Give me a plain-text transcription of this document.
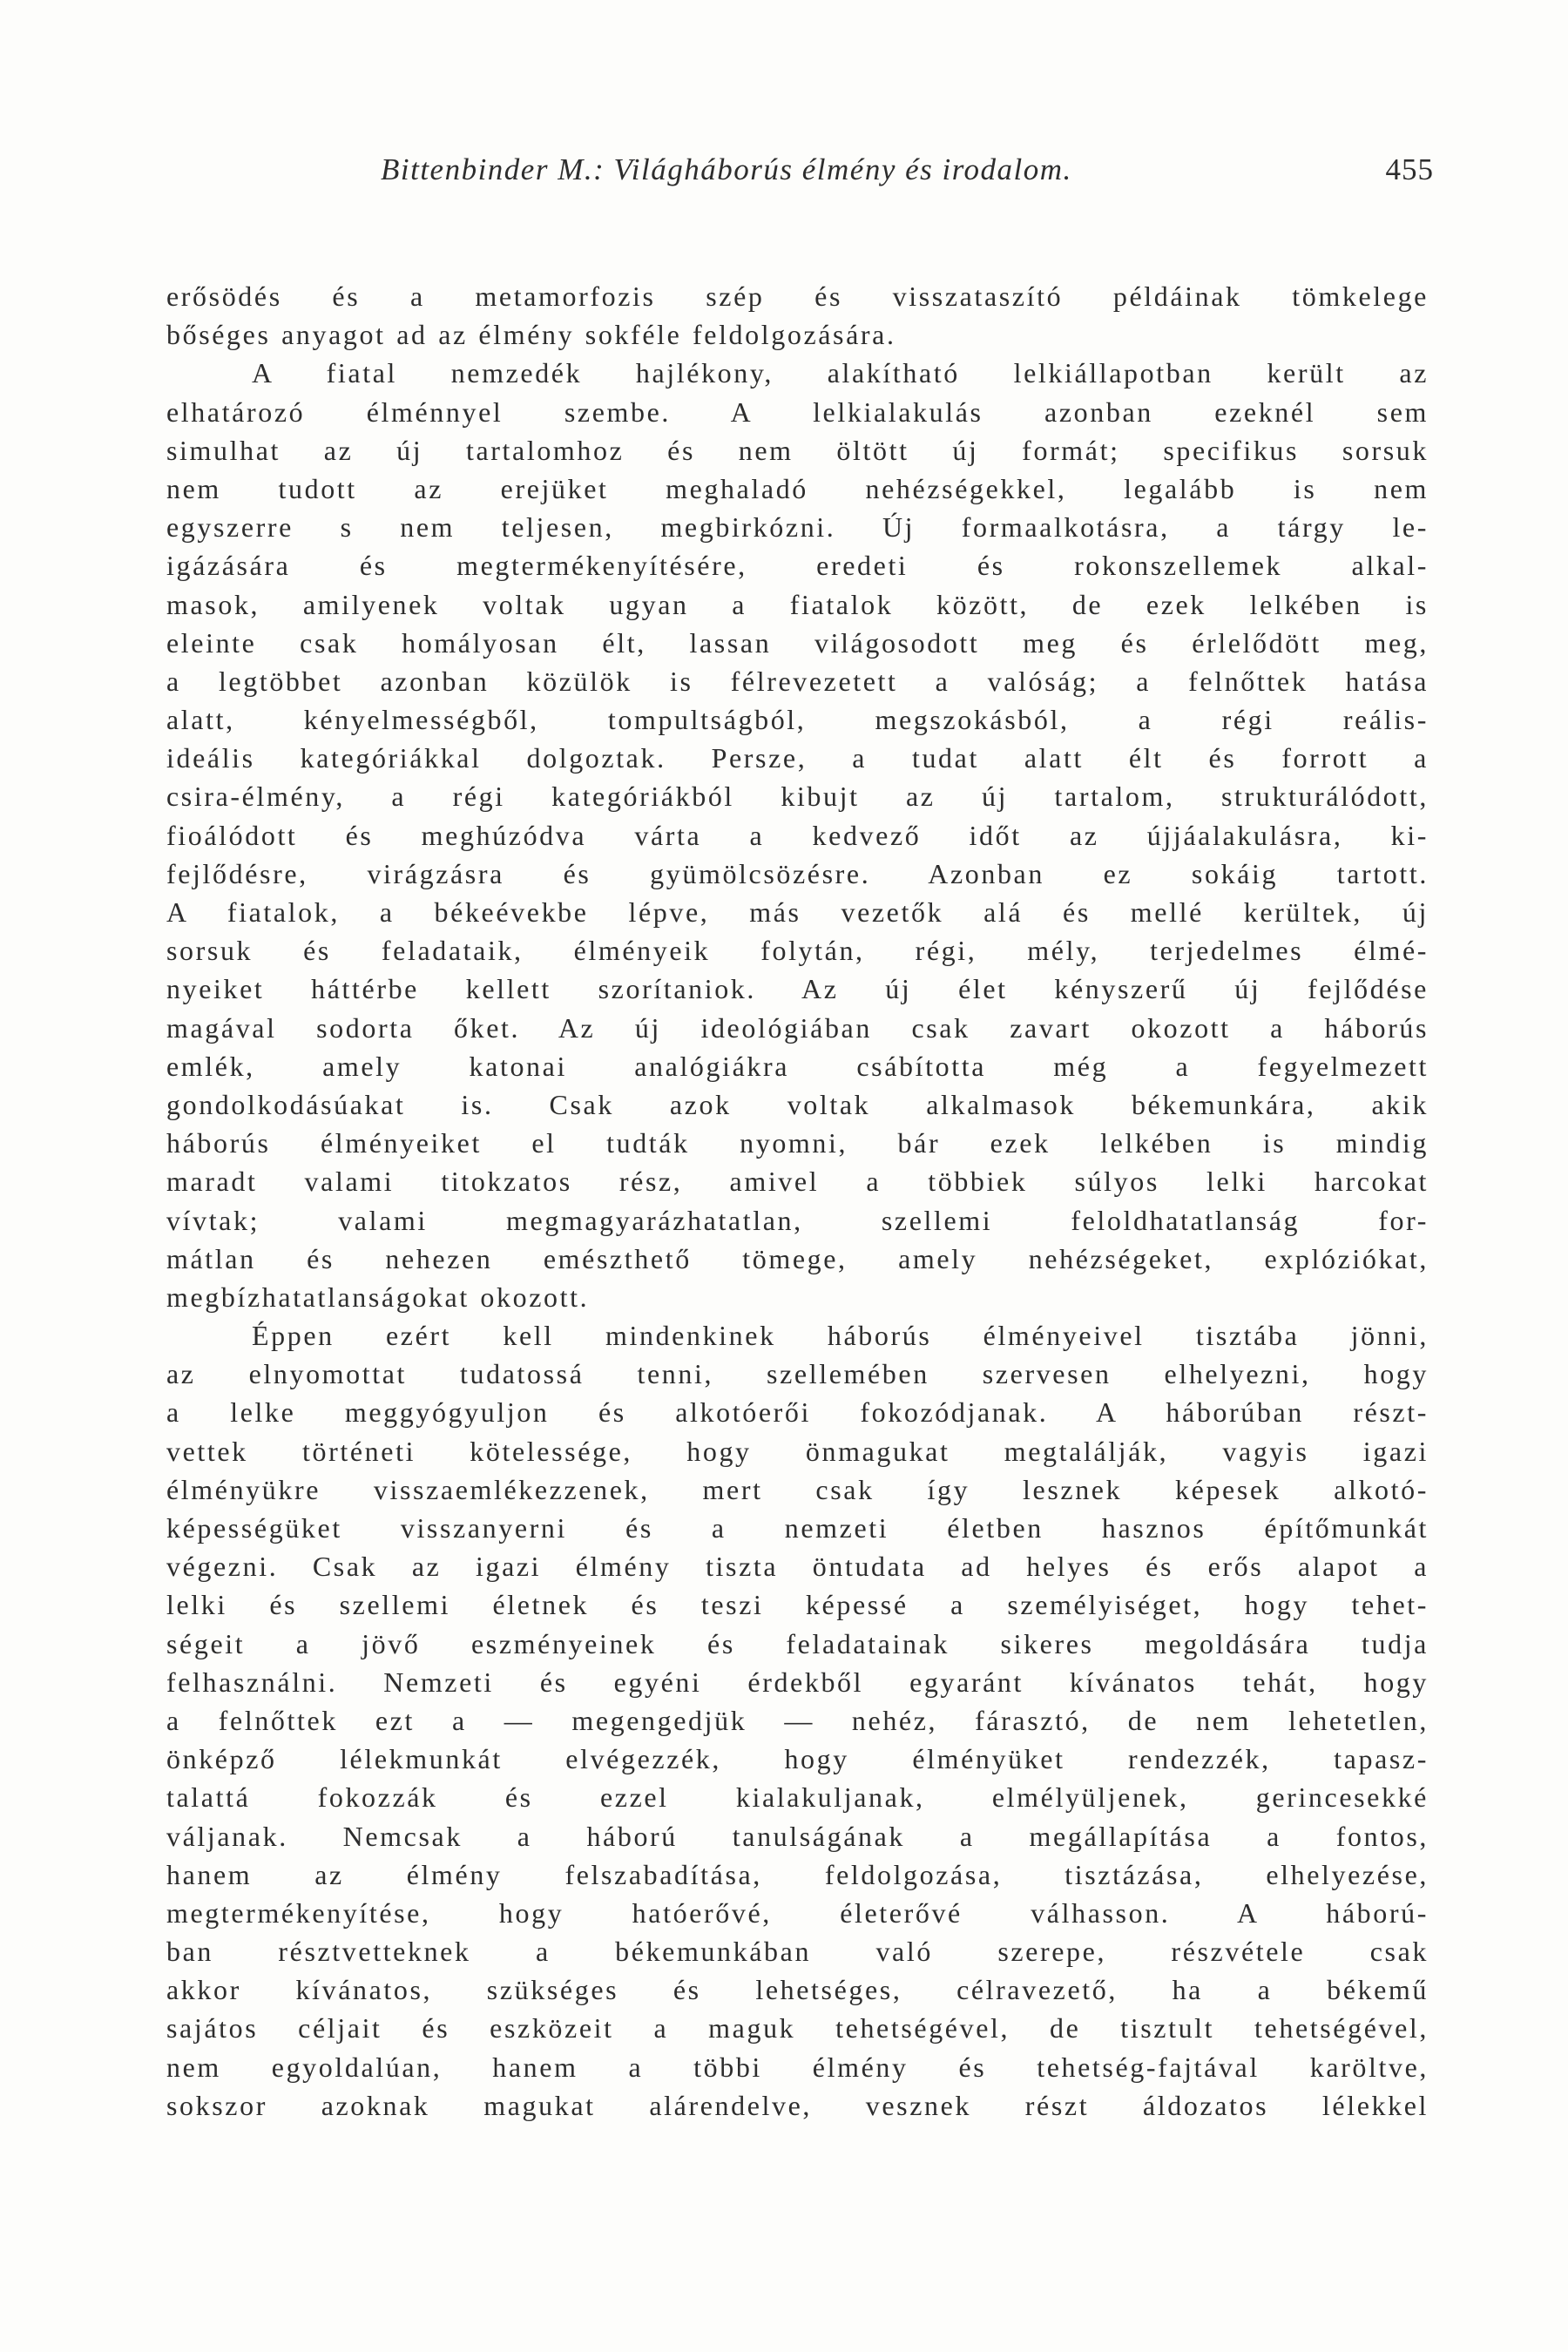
Bittenbinder M.: Világháborús élmény és irodalom.	455
erősödés és a metamorfozis szép és visszataszító példáinak tömkelege
bőséges anyagot ad az élmény sokféle feldolgozására.
A fiatal nemzedék hajlékony, alakítható lelkiállapotban került az
elhatározó élménnyel szembe. A lelkialakulás azonban ezeknél sem
simulhat az új tartalomhoz és nem öltött új formát; specifikus sorsuk
nem tudott az erejüket meghaladó nehézségekkel, legalább is nem
egyszerre s nem teljesen, megbirkózni. Új formaalkotásra, a tárgy le-
igázására és megtermékenyítésére, eredeti és rokonszellemek alkal-
masok, amilyenek voltak ugyan a fiatalok között, de ezek lelkében is
eleinte csak homályosan élt, lassan világosodott meg és érlelődött meg,
a legtöbbet azonban közülök is félrevezetett a valóság; a felnőttek hatása
alatt, kényelmességből, tompultságból, megszokásból, a régi reális-
ideális kategóriákkal dolgoztak. Persze, a tudat alatt élt és forrott a
csira-élmény, a régi kategóriákból kibujt az új tartalom, strukturálódott,
fioálódott és meghúzódva várta a kedvező időt az újjáalakulásra, ki-
fejlődésre, virágzásra és gyümölcsözésre. Azonban ez sokáig tartott.
A fiatalok, a békeévekbe lépve, más vezetők alá és mellé kerültek, új
sorsuk és feladataik, élményeik folytán, régi, mély, terjedelmes élmé-
nyeiket háttérbe kellett szorítaniok. Az új élet kényszerű új fejlődése
magával sodorta őket. Az új ideológiában csak zavart okozott a háborús
emlék, amely katonai analógiákra csábította még a fegyelmezett
gondolkodásúakat is. Csak azok voltak alkalmasok békemunkára, akik
háborús élményeiket el tudták nyomni, bár ezek lelkében is mindig
maradt valami titokzatos rész, amivel a többiek súlyos lelki harcokat
vívtak; valami megmagyarázhatatlan, szellemi feloldhatatlanság for-
mátlan és nehezen emészthető tömege, amely nehézségeket, explóziókat,
megbízhatatlanságokat okozott.
Éppen ezért kell mindenkinek háborús élményeivel tisztába jönni,
az elnyomottat tudatossá tenni, szellemében szervesen elhelyezni, hogy
a lelke meggyógyuljon és alkotóerői fokozódjanak. A háborúban részt-
vettek történeti kötelessége, hogy önmagukat megtalálják, vagyis igazi
élményükre visszaemlékezzenek, mert csak így lesznek képesek alkotó-
képességüket visszanyerni és a nemzeti életben hasznos építőmunkát
végezni. Csak az igazi élmény tiszta öntudata ad helyes és erős alapot a
lelki és szellemi életnek és teszi képessé a személyiséget, hogy tehet-
ségeit a jövő eszményeinek és feladatainak sikeres megoldására tudja
felhasználni. Nemzeti és egyéni érdekből egyaránt kívánatos tehát, hogy
a felnőttek ezt a — megengedjük — nehéz, fárasztó, de nem lehetetlen,
önképző lélekmunkát elvégezzék, hogy élményüket rendezzék, tapasz-
talattá fokozzák és ezzel kialakuljanak, elmélyüljenek, gerincesekké
váljanak. Nemcsak a háború tanulságának a megállapítása a fontos,
hanem az élmény felszabadítása, feldolgozása, tisztázása, elhelyezése,
megtermékenyítése, hogy hatóerővé, életerővé válhasson. A háború-
ban résztvetteknek a békemunkában való szerepe, részvétele csak
akkor kívánatos, szükséges és lehetséges, célravezető, ha a békemű
sajátos céljait és eszközeit a maguk tehetségével, de tisztult tehetségével,
nem egyoldalúan, hanem a többi élmény és tehetség-fajtával karöltve,
sokszor azoknak magukat alárendelve, vesznek részt áldozatos lélekkel
